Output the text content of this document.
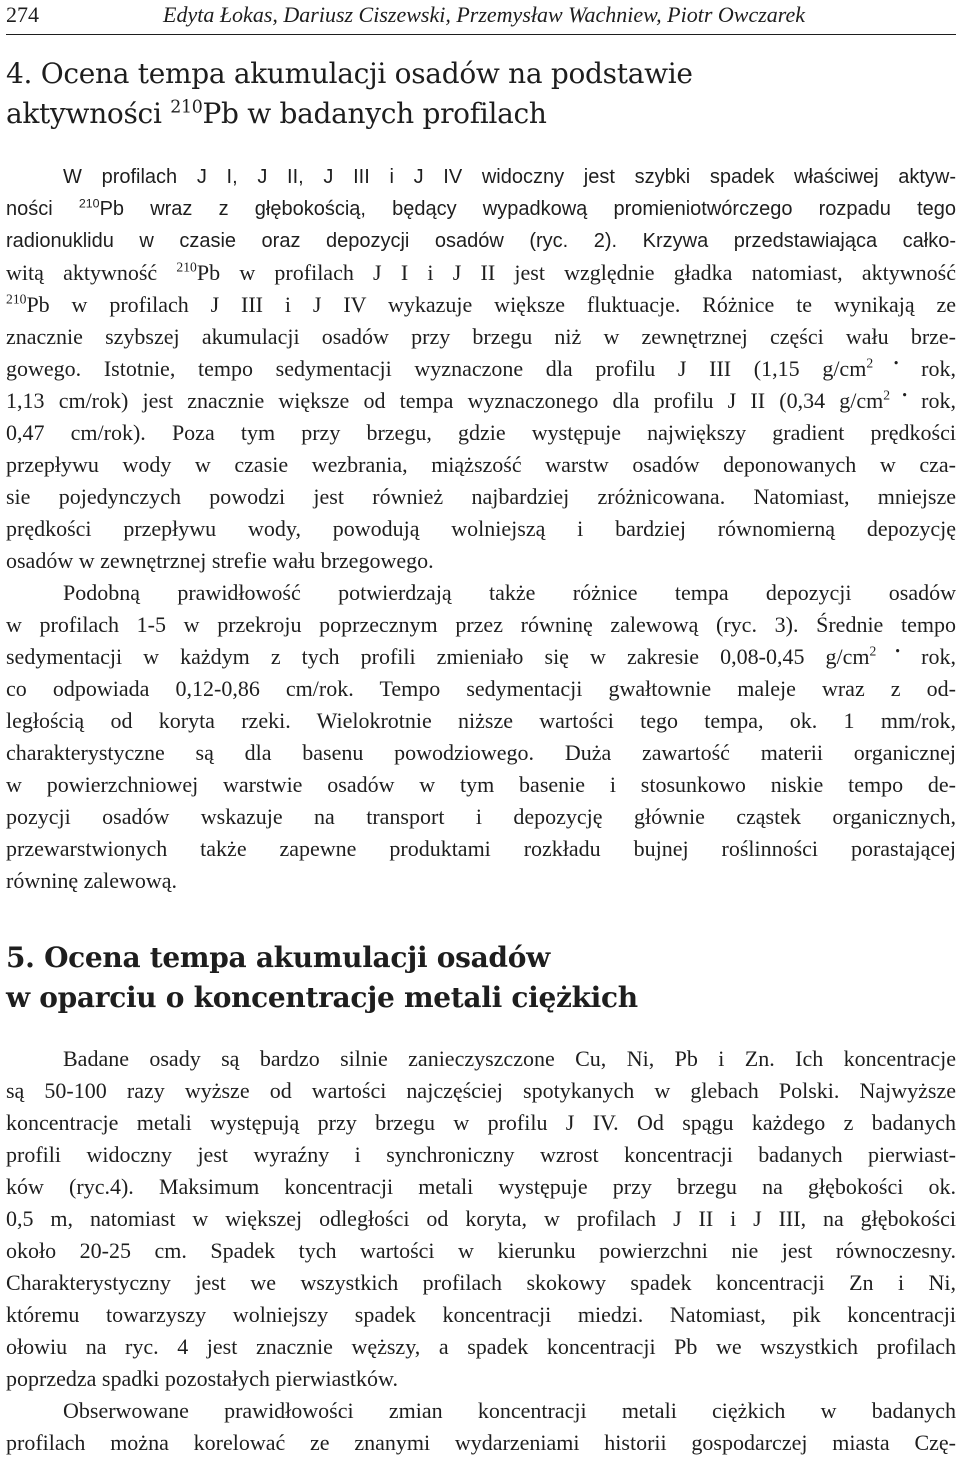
274	Edyta Łokas, Dariusz Ciszewski, Przemysław Wachniew, Piotr Owczarek
4. Ocena tempa akumulacji osadów na podstawie
aktywności $^{210}$Pb w badanych profilach
W profilach J I, J II, J III i J IV widoczny jest szybki spadek właściwej aktyw-
ności $^{210}$Pb wraz z głębokością, będący wypadkową promieniotwórczego rozpadu tego
radionuklidu w czasie oraz depozycji osadów (ryc. 2). Krzywa przedstawiająca całko-
witą aktywność $^{210}$Pb w profilach J I i J II jest względnie gładka natomiast, aktywność
$^{210}$Pb w profilach J III i J IV wykazuje większe fluktuacje. Różnice te wynikają ze
znacznie szybszej akumulacji osadów przy brzegu niż w zewnętrznej części wału brze-
gowego. Istotnie, tempo sedymentacji wyznaczone dla profilu J III (1,15 $g/cm^{2 •}$ rok,
1,13 cm/rok) jest znacznie większe od tempa wyznaczonego dla profilu J II (0,34 $g/cm^{2 •}$ rok,
0,47 cm/rok). Poza tym przy brzegu, gdzie występuje największy gradient prędkości
przepływu wody w czasie wezbrania, miąższość warstw osadów deponowanych w cza-
sie pojedynczych powodzi jest również najbardziej zróżnicowana. Natomiast, mniejsze
prędkości przepływu wody, powodują wolniejszą i bardziej równomierną depozycję
osadów w zewnętrznej strefie wału brzegowego.
Podobną prawidłowość potwierdzają także różnice tempa depozycji osadów
w profilach 1-5 w przekroju poprzecznym przez równinę zalewową (ryc. 3). Średnie tempo
sedymentacji w każdym z tych profili zmieniało się w zakresie 0,08-0,45 $g/cm^{2 •}$ rok,
co odpowiada 0,12-0,86 cm/rok. Tempo sedymentacji gwałtownie maleje wraz z od-
ległością od koryta rzeki. Wielokrotnie niższe wartości tego tempa, ok. 1 mm/rok,
charakterystyczne są dla basenu powodziowego. Duża zawartość materii organicznej
w powierzchniowej warstwie osadów w tym basenie i stosunkowo niskie tempo de-
pozycji osadów wskazuje na transport i depozycję głównie cząstek organicznych,
przewarstwionych także zapewne produktami rozkładu bujnej roślinności porastającej
równinę zalewową.
5. Ocena tempa akumulacji osadów
w oparciu o koncentracje metali ciężkich
Badane osady są bardzo silnie zanieczyszczone Cu, Ni, Pb i Zn. Ich koncentracje
są 50-100 razy wyższe od wartości najczęściej spotykanych w glebach Polski. Najwyższe
koncentracje metali występują przy brzegu w profilu J IV. Od spągu każdego z badanych
profili widoczny jest wyraźny i synchroniczny wzrost koncentracji badanych pierwiast-
ków (ryc.4). Maksimum koncentracji metali występuje przy brzegu na głębokości ok.
0,5 m, natomiast w większej odległości od koryta, w profilach J II i J III, na głębokości
około 20-25 cm. Spadek tych wartości w kierunku powierzchni nie jest równoczesny.
Charakterystyczny jest we wszystkich profilach skokowy spadek koncentracji Zn i Ni,
któremu towarzyszy wolniejszy spadek koncentracji miedzi. Natomiast, pik koncentracji
ołowiu na ryc. 4 jest znacznie węższy, a spadek koncentracji Pb we wszystkich profilach
poprzedza spadki pozostałych pierwiastków.
Obserwowane prawidłowości zmian koncentracji metali ciężkich w badanych
profilach można korelować ze znanymi wydarzeniami historii gospodarczej miasta Czę-
